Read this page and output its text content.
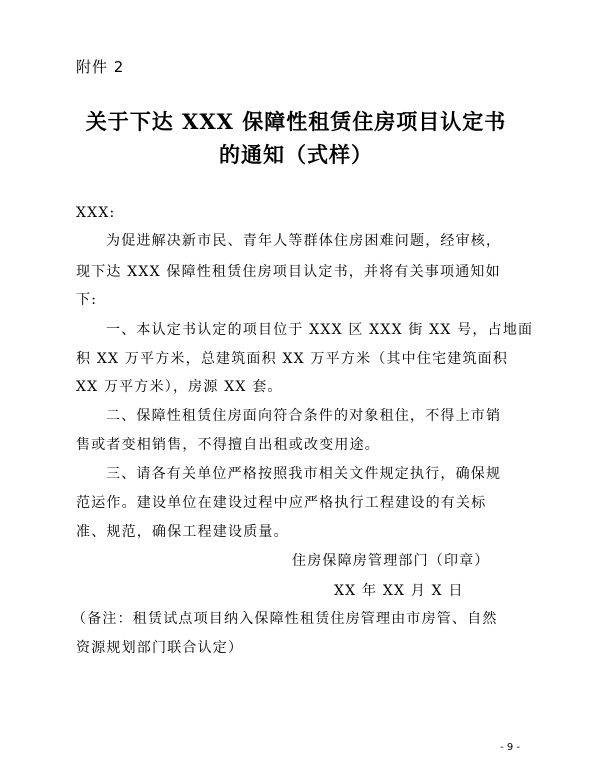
附件 2
关于下达 XXX 保障性租赁住房项目认定书
的通知（式样）
XXX:
为促进解决新市民、青年人等群体住房困难问题，经审核，
现下达 XXX 保障性租赁住房项目认定书，并将有关事项通知如
下:
一、本认定书认定的项目位于 XXX 区 XXX 街 XX 号，占地面
积 XX 万平方米，总建筑面积 XX 万平方米（其中住宅建筑面积
XX 万平方米），房源 XX 套。
二、保障性租赁住房面向符合条件的对象租住，不得上市销
售或者变相销售，不得擅自出租或改变用途。
三、请各有关单位严格按照我市相关文件规定执行，确保规
范运作。建设单位在建设过程中应严格执行工程建设的有关标
准、规范，确保工程建设质量。
住房保障房管理部门（印章）
XX 年 XX 月 X 日
（备注：租赁试点项目纳入保障性租赁住房管理由市房管、自然
资源规划部门联合认定）
- 9 -
